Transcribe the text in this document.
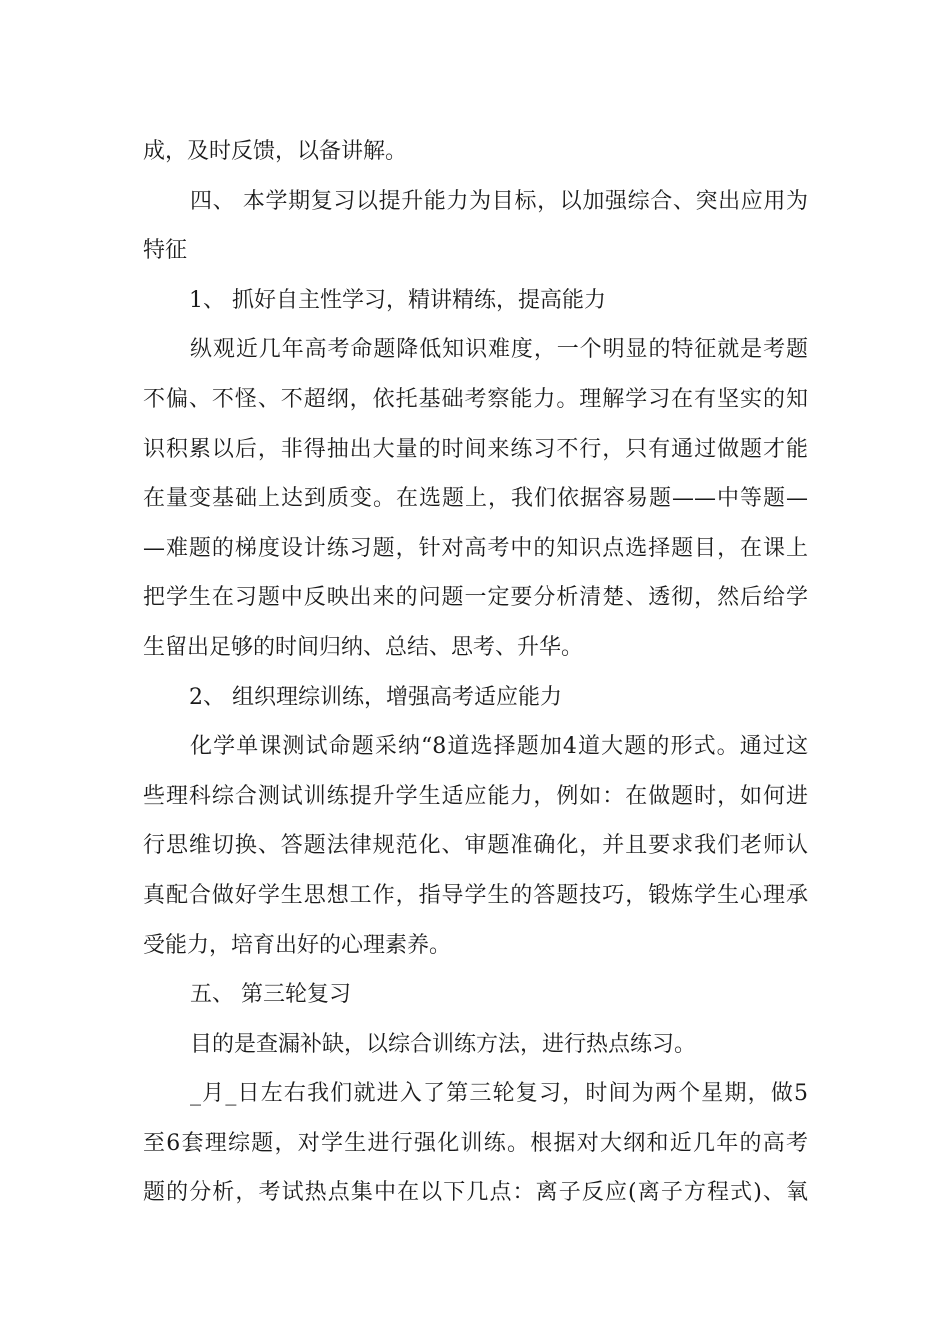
成，及时反馈，以备讲解。
四、 本学期复习以提升能力为目标，以加强综合、突出应用为
特征
1、 抓好自主性学习，精讲精练，提高能力
纵观近几年高考命题降低知识难度，一个明显的特征就是考题
不偏、不怪、不超纲，依托基础考察能力。理解学习在有坚实的知
识积累以后，非得抽出大量的时间来练习不行，只有通过做题才能
在量变基础上达到质变。在选题上，我们依据容易题——中等题—
—难题的梯度设计练习题，针对高考中的知识点选择题目，在课上
把学生在习题中反映出来的问题一定要分析清楚、透彻，然后给学
生留出足够的时间归纳、总结、思考、升华。
2、 组织理综训练，增强高考适应能力
化学单课测试命题采纳“8道选择题加4道大题的形式。通过这
些理科综合测试训练提升学生适应能力，例如：在做题时，如何进
行思维切换、答题法律规范化、审题准确化，并且要求我们老师认
真配合做好学生思想工作，指导学生的答题技巧，锻炼学生心理承
受能力，培育出好的心理素养。
五、 第三轮复习
目的是查漏补缺，以综合训练方法，进行热点练习。
_月_日左右我们就进入了第三轮复习，时间为两个星期，做5
至6套理综题，对学生进行强化训练。根据对大纲和近几年的高考
题的分析，考试热点集中在以下几点：离子反应(离子方程式)、氧
